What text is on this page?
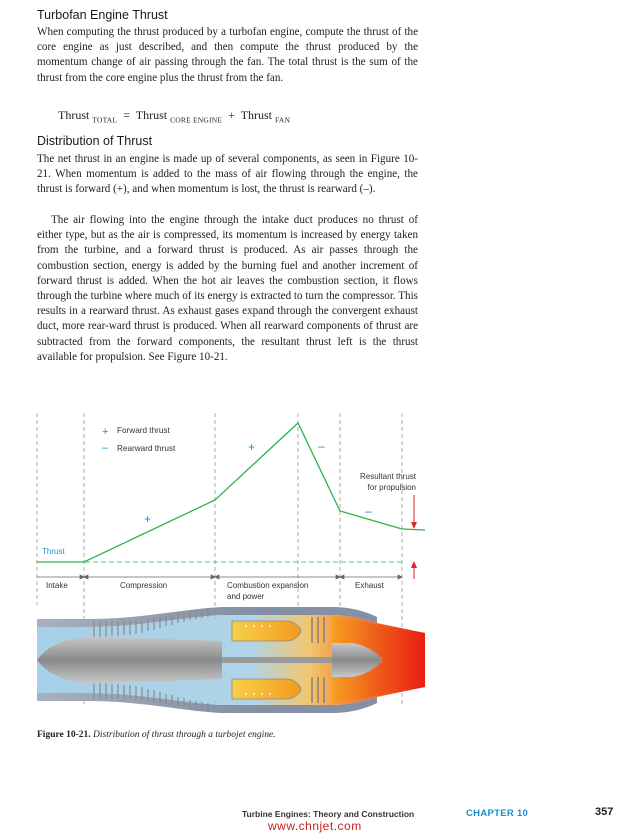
Turbofan Engine Thrust

When computing the thrust produced by a turbofan engine, compute the thrust of the core engine as just described, and then compute the thrust produced by the momentum change of air passing through the fan. The total thrust is the sum of the thrust from the core engine plus the thrust from the fan.

Thrust $_{TOTAL}$ = Thrust $_{CORE ENGINE}$ + Thrust $_{FAN}$
Distribution of Thrust

The net thrust in an engine is made up of several components, as seen in Figure 10-21. When momentum is added to the mass of air flowing through the engine, the thrust is forward (+), and when momentum is lost, the thrust is rearward (–).

The air flowing into the engine through the intake duct produces no thrust of either type, but as the air is compressed, its momentum is increased by energy taken from the turbine, and a forward thrust is produced. As air passes through the combustion section, energy is added by the burning fuel and another increment of forward thrust is added. When the hot air leaves the combustion section, it flows through the turbine where much of its energy is extracted to turn the compressor. This results in a rearward thrust. As exhaust gases expand through the convergent exhaust duct, more rear-ward thrust is produced. When all rearward components of thrust are subtracted from the forward components, the resultant thrust left is the thrust available for propulsion. See Figure 10-21.

+ Forward thrust
– Rearward thrust
+
+	–
–
Resultant thrust
for propulsion
Thrust
Intake	Compression	Combustion expansion
and power
Exhaust
Figure 10-21. Distribution of thrust through a turbojet engine.
Turbine Engines: Theory and Construction	CHAPTER 10	357
www.chnjet.com
